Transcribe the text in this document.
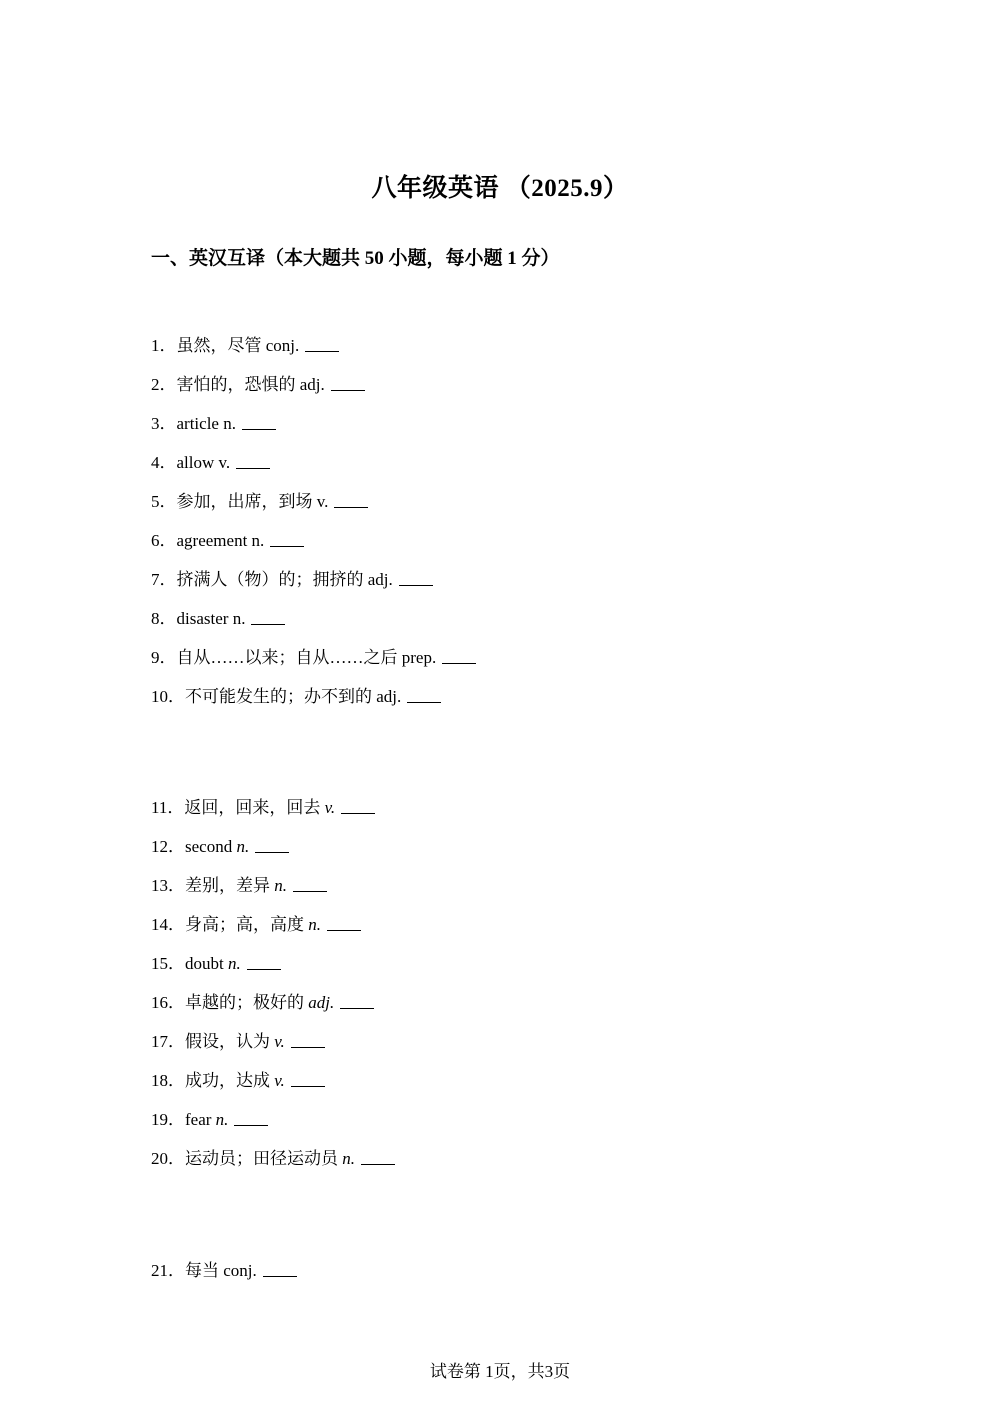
八年级英语 （2025.9）
一、英汉互译（本大题共 50 小题，每小题 1 分）
1．虽然，尽管 conj.
2．害怕的，恐惧的 adj.
3．article n.
4．allow v.
5．参加，出席，到场 v.
6．agreement n.
7．挤满人（物）的；拥挤的 adj.
8．disaster n.
9．自从……以来；自从……之后 prep.
10．不可能发生的；办不到的 adj.
11．返回，回来，回去 v.
12．second n.
13．差别，差异 n.
14．身高；高，高度 n.
15．doubt n.
16．卓越的；极好的 adj.
17．假设，认为 v.
18．成功，达成 v.
19．fear n.
20．运动员；田径运动员 n.
21．每当 conj.
试卷第 1页，共3页
